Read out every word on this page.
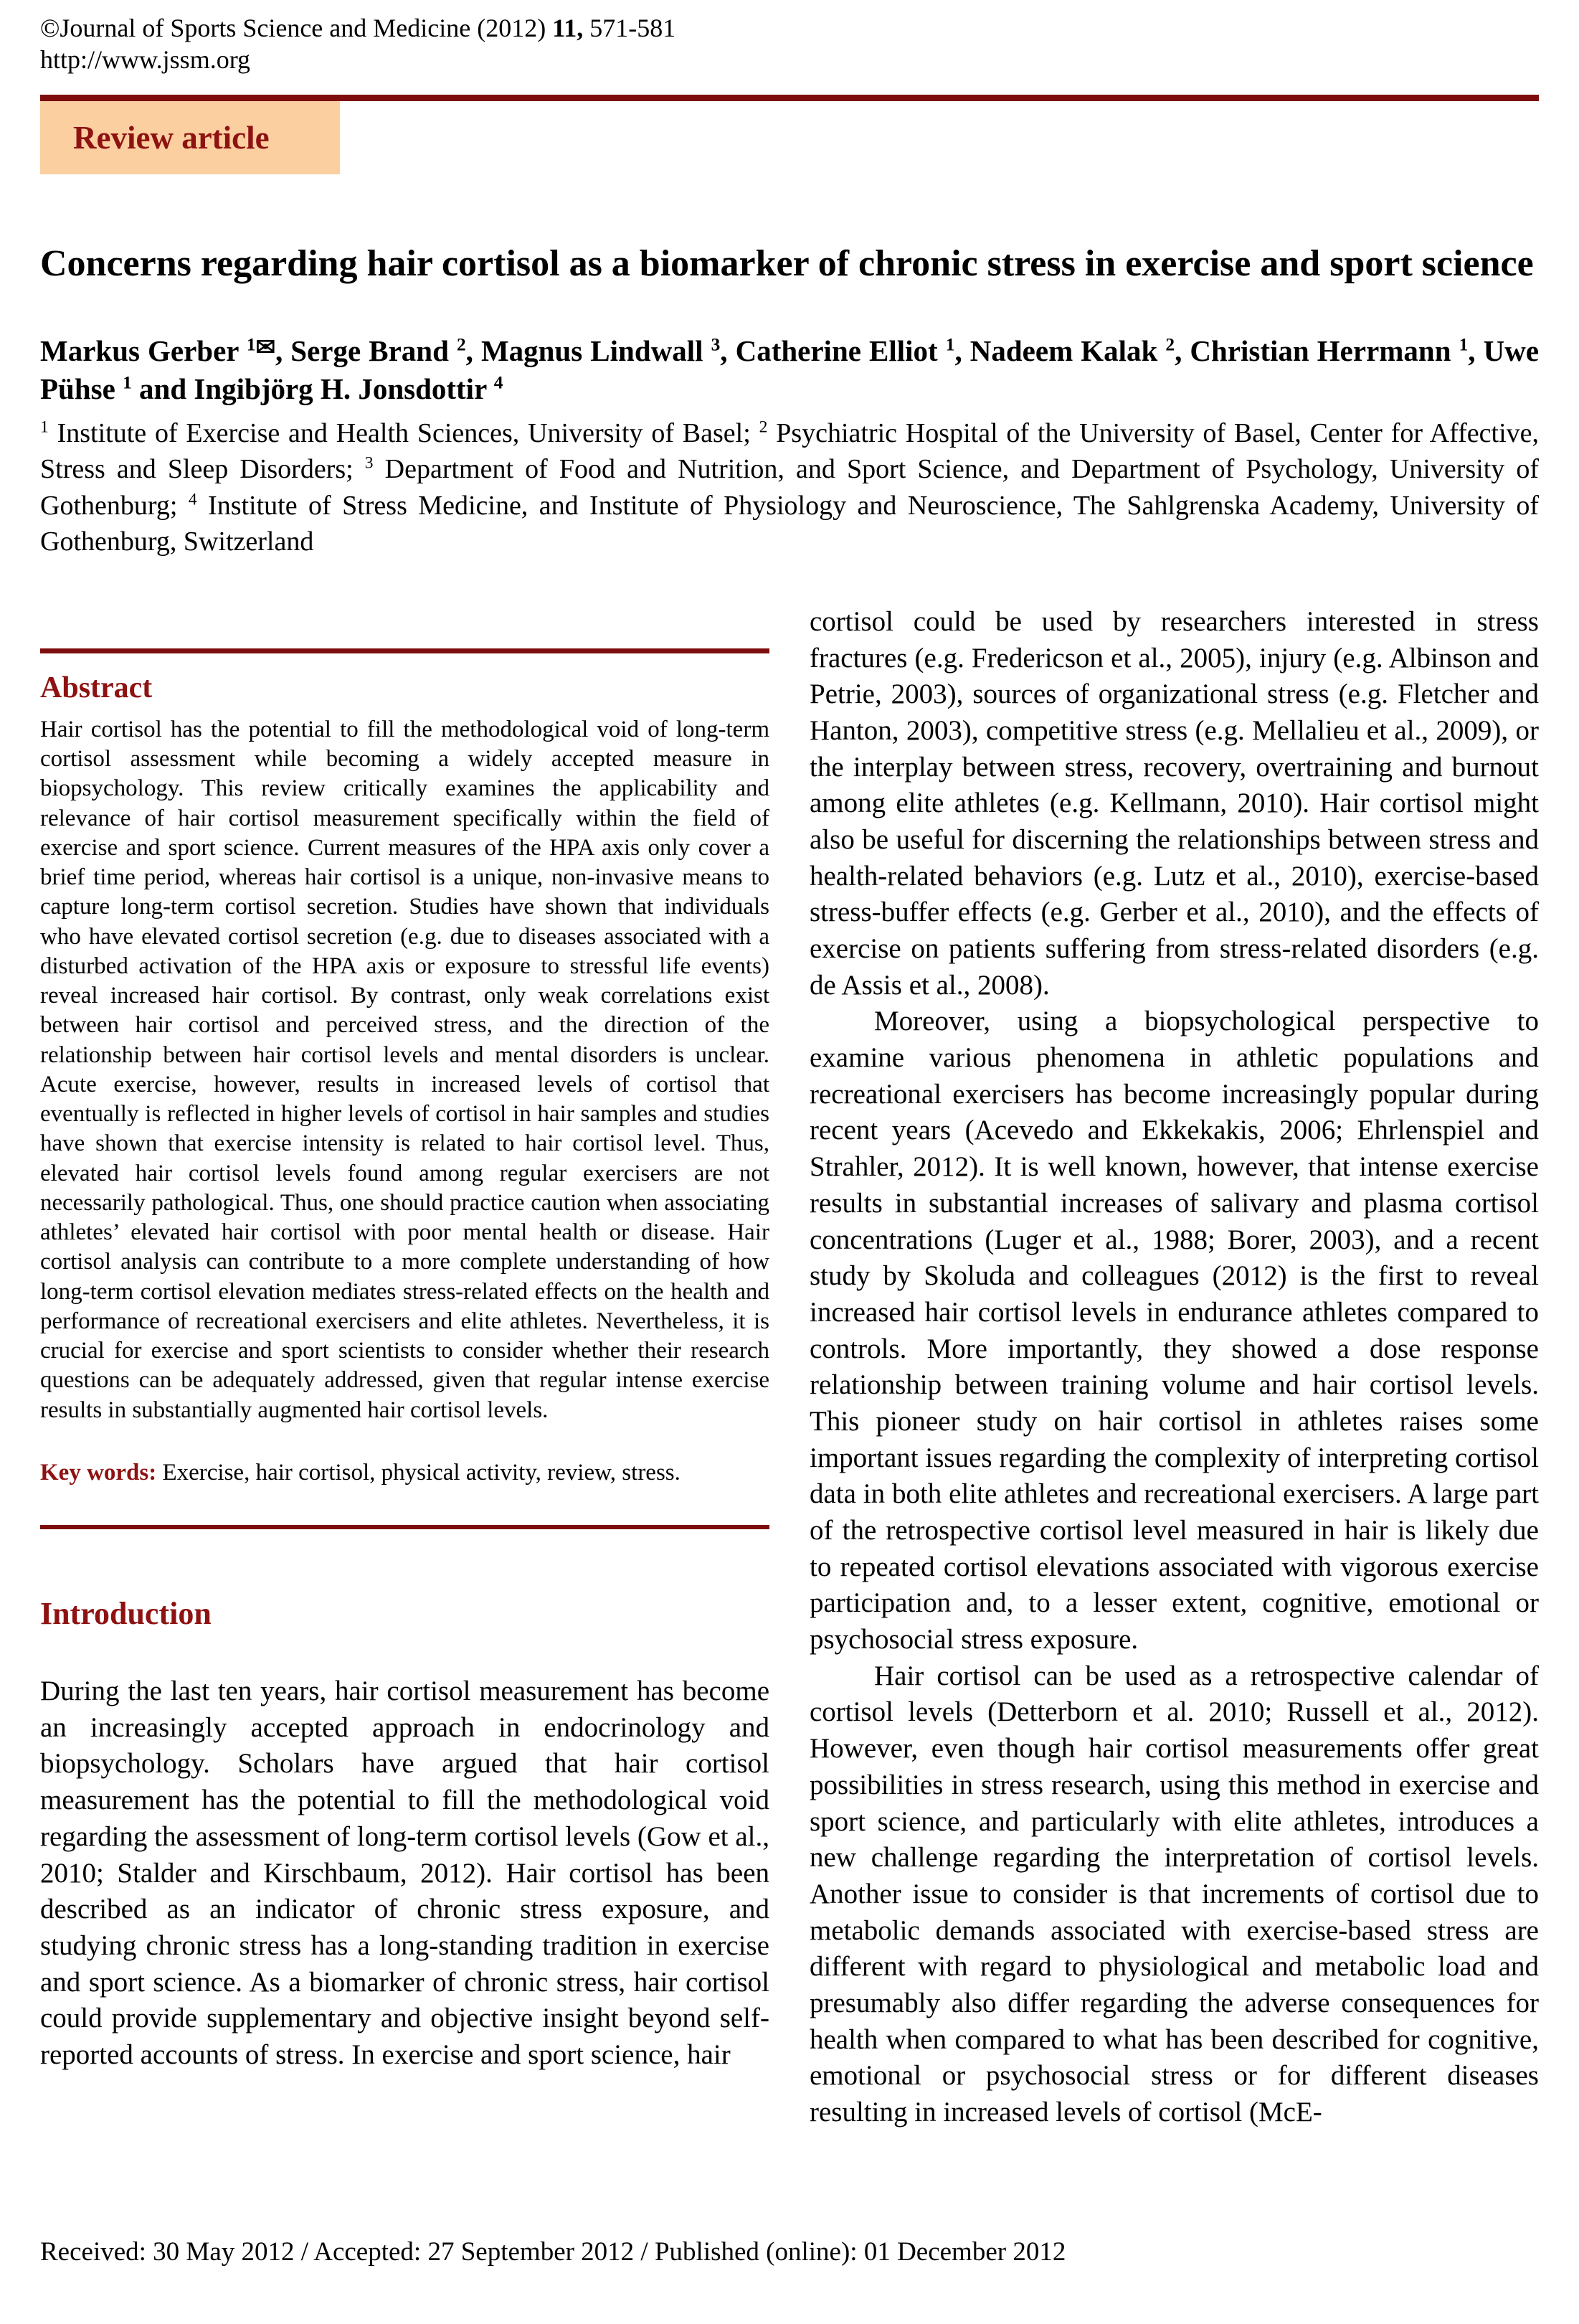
©Journal of Sports Science and Medicine (2012) 11, 571-581
http://www.jssm.org
Review article
Concerns regarding hair cortisol as a biomarker of chronic stress in exercise and sport science
Markus Gerber $^1$✉, Serge Brand $^2$, Magnus Lindwall $^3$, Catherine Elliot $^1$, Nadeem Kalak $^2$, Christian Herrmann $^1$, Uwe Pühse $^1$ and Ingibjörg H. Jonsdottir $^4$
$^1$ Institute of Exercise and Health Sciences, University of Basel; $^2$ Psychiatric Hospital of the University of Basel, Center for Affective, Stress and Sleep Disorders; $^3$ Department of Food and Nutrition, and Sport Science, and Department of Psychology, University of Gothenburg; $^4$ Institute of Stress Medicine, and Institute of Physiology and Neuroscience, The Sahlgrenska Academy, University of Gothenburg, Switzerland
Abstract
Hair cortisol has the potential to fill the methodological void of long-term cortisol assessment while becoming a widely accepted measure in biopsychology. This review critically examines the applicability and relevance of hair cortisol measurement specifically within the field of exercise and sport science. Current measures of the HPA axis only cover a brief time period, whereas hair cortisol is a unique, non-invasive means to capture long-term cortisol secretion. Studies have shown that individuals who have elevated cortisol secretion (e.g. due to diseases associated with a disturbed activation of the HPA axis or exposure to stressful life events) reveal increased hair cortisol. By contrast, only weak correlations exist between hair cortisol and perceived stress, and the direction of the relationship between hair cortisol levels and mental disorders is unclear. Acute exercise, however, results in increased levels of cortisol that eventually is reflected in higher levels of cortisol in hair samples and studies have shown that exercise intensity is related to hair cortisol level. Thus, elevated hair cortisol levels found among regular exercisers are not necessarily pathological. Thus, one should practice caution when associating athletes’ elevated hair cortisol with poor mental health or disease. Hair cortisol analysis can contribute to a more complete understanding of how long-term cortisol elevation mediates stress-related effects on the health and performance of recreational exercisers and elite athletes. Nevertheless, it is crucial for exercise and sport scientists to consider whether their research questions can be adequately addressed, given that regular intense exercise results in substantially augmented hair cortisol levels.
Key words: Exercise, hair cortisol, physical activity, review, stress.
Introduction
During the last ten years, hair cortisol measurement has become an increasingly accepted approach in endocrinology and biopsychology. Scholars have argued that hair cortisol measurement has the potential to fill the methodological void regarding the assessment of long-term cortisol levels (Gow et al., 2010; Stalder and Kirschbaum, 2012). Hair cortisol has been described as an indicator of chronic stress exposure, and studying chronic stress has a long-standing tradition in exercise and sport science. As a biomarker of chronic stress, hair cortisol could provide supplementary and objective insight beyond self-reported accounts of stress. In exercise and sport science, hair

cortisol could be used by researchers interested in stress fractures (e.g. Fredericson et al., 2005), injury (e.g. Albinson and Petrie, 2003), sources of organizational stress (e.g. Fletcher and Hanton, 2003), competitive stress (e.g. Mellalieu et al., 2009), or the interplay between stress, recovery, overtraining and burnout among elite athletes (e.g. Kellmann, 2010). Hair cortisol might also be useful for discerning the relationships between stress and health-related behaviors (e.g. Lutz et al., 2010), exercise-based stress-buffer effects (e.g. Gerber et al., 2010), and the effects of exercise on patients suffering from stress-related disorders (e.g. de Assis et al., 2008).

Moreover, using a biopsychological perspective to examine various phenomena in athletic populations and recreational exercisers has become increasingly popular during recent years (Acevedo and Ekkekakis, 2006; Ehrlenspiel and Strahler, 2012). It is well known, however, that intense exercise results in substantial increases of salivary and plasma cortisol concentrations (Luger et al., 1988; Borer, 2003), and a recent study by Skoluda and colleagues (2012) is the first to reveal increased hair cortisol levels in endurance athletes compared to controls. More importantly, they showed a dose response relationship between training volume and hair cortisol levels. This pioneer study on hair cortisol in athletes raises some important issues regarding the complexity of interpreting cortisol data in both elite athletes and recreational exercisers. A large part of the retrospective cortisol level measured in hair is likely due to repeated cortisol elevations associated with vigorous exercise participation and, to a lesser extent, cognitive, emotional or psychosocial stress exposure.

Hair cortisol can be used as a retrospective calendar of cortisol levels (Detterborn et al. 2010; Russell et al., 2012). However, even though hair cortisol measurements offer great possibilities in stress research, using this method in exercise and sport science, and particularly with elite athletes, introduces a new challenge regarding the interpretation of cortisol levels. Another issue to consider is that increments of cortisol due to metabolic demands associated with exercise-based stress are different with regard to physiological and metabolic load and presumably also differ regarding the adverse consequences for health when compared to what has been described for cognitive, emotional or psychosocial stress or for different diseases resulting in increased levels of cortisol (McE-

Received: 30 May 2012 / Accepted: 27 September 2012 / Published (online): 01 December 2012
